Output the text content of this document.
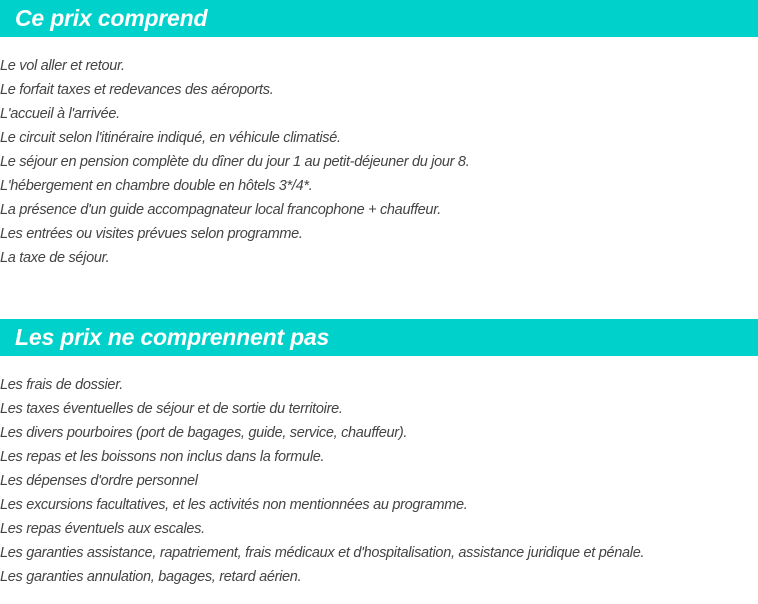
Ce prix comprend
Le vol aller et retour.
Le forfait taxes et redevances des aéroports.
L'accueil à l'arrivée.
Le circuit selon l'itinéraire indiqué, en véhicule climatisé.
Le séjour en pension complète du dîner du jour 1 au petit-déjeuner du jour 8.
L'hébergement en chambre double en hôtels 3*/4*.
La présence d'un guide accompagnateur local francophone + chauffeur.
Les entrées ou visites prévues selon programme.
La taxe de séjour.
Les prix ne comprennent pas
Les frais de dossier.
Les taxes éventuelles de séjour et de sortie du territoire.
Les divers pourboires (port de bagages, guide, service, chauffeur).
Les repas et les boissons non inclus dans la formule.
Les dépenses d'ordre personnel
Les excursions facultatives, et les activités non mentionnées au programme.
Les repas éventuels aux escales.
Les garanties assistance, rapatriement, frais médicaux et d'hospitalisation, assistance juridique et pénale.
Les garanties annulation, bagages, retard aérien.
